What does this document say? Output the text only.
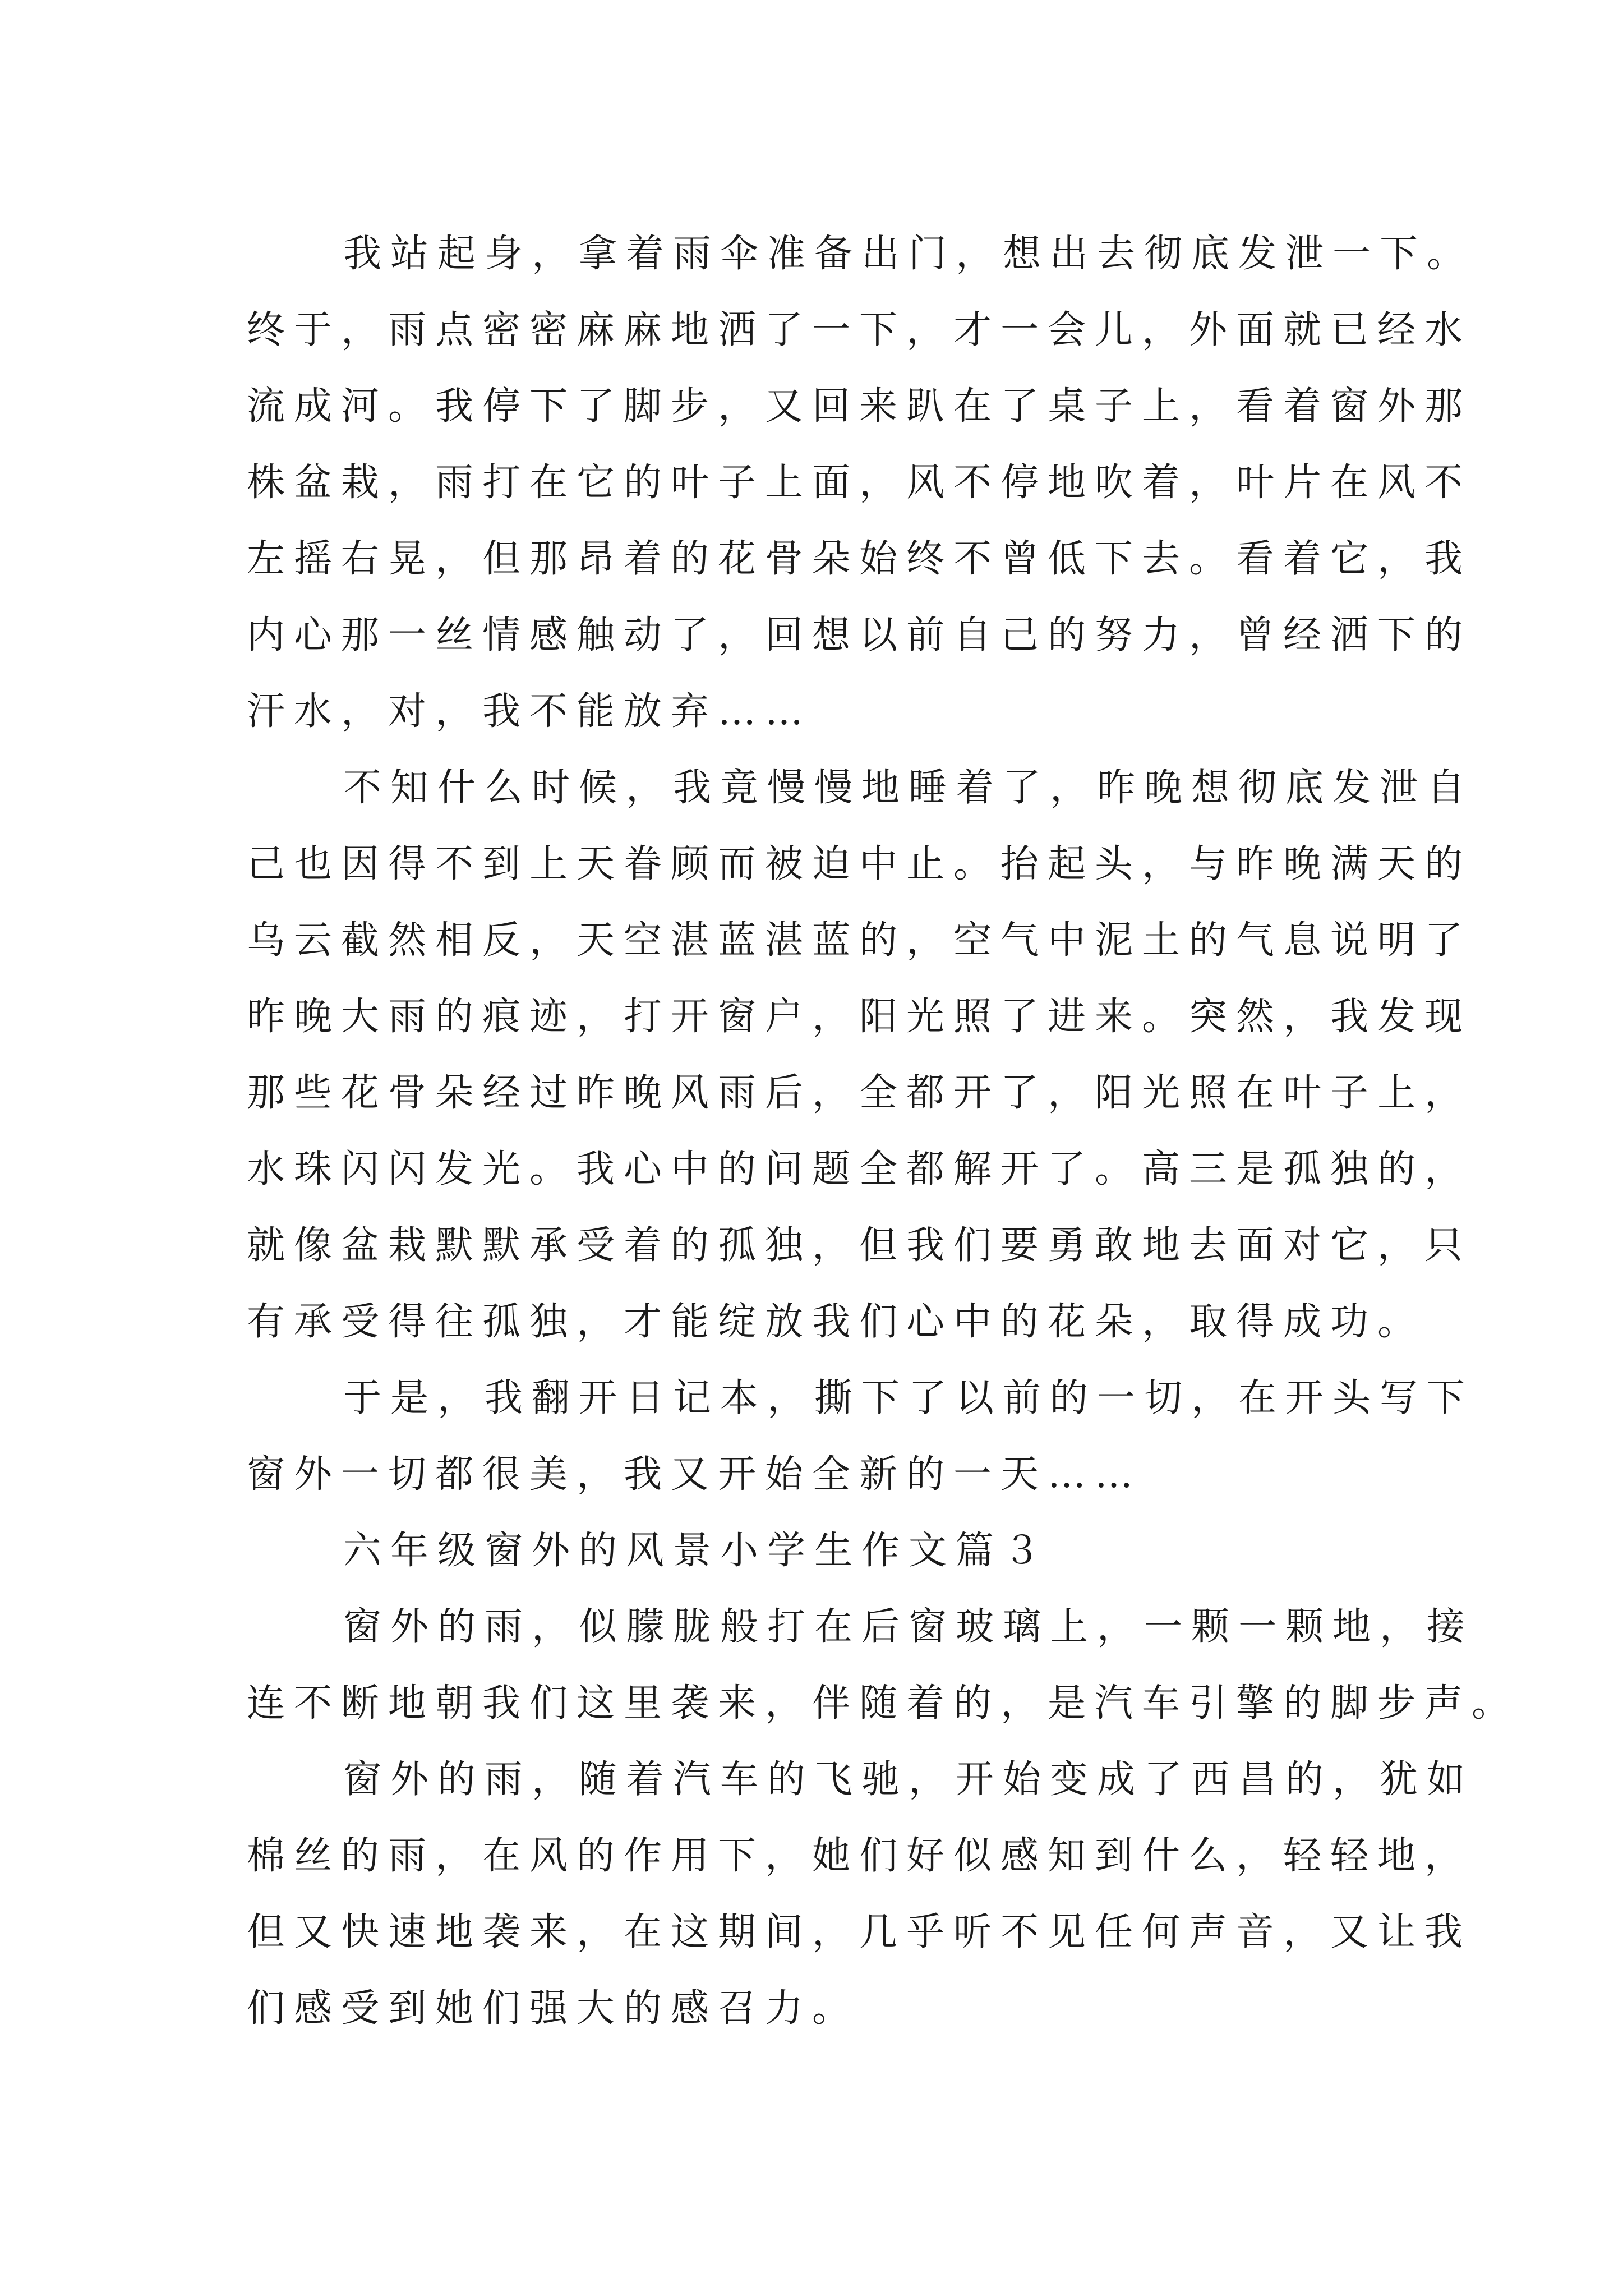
我站起身，拿着雨伞准备出门，想出去彻底发泄一下。
终于，雨点密密麻麻地洒了一下，才一会儿，外面就已经水
流成河。我停下了脚步，又回来趴在了桌子上，看着窗外那
株盆栽，雨打在它的叶子上面，风不停地吹着，叶片在风不
左摇右晃，但那昂着的花骨朵始终不曾低下去。看着它，我
内心那一丝情感触动了，回想以前自己的努力，曾经洒下的
汗水，对，我不能放弃……
不知什么时候，我竟慢慢地睡着了，昨晚想彻底发泄自
己也因得不到上天眷顾而被迫中止。抬起头，与昨晚满天的
乌云截然相反，天空湛蓝湛蓝的，空气中泥土的气息说明了
昨晚大雨的痕迹，打开窗户，阳光照了进来。突然，我发现
那些花骨朵经过昨晚风雨后，全都开了，阳光照在叶子上，
水珠闪闪发光。我心中的问题全都解开了。高三是孤独的，
就像盆栽默默承受着的孤独，但我们要勇敢地去面对它，只
有承受得往孤独，才能绽放我们心中的花朵，取得成功。
于是，我翻开日记本，撕下了以前的一切，在开头写下
窗外一切都很美，我又开始全新的一天……
六年级窗外的风景小学生作文篇３
窗外的雨，似朦胧般打在后窗玻璃上，一颗一颗地，接
连不断地朝我们这里袭来，伴随着的，是汽车引擎的脚步声。
窗外的雨，随着汽车的飞驰，开始变成了西昌的，犹如
棉丝的雨，在风的作用下，她们好似感知到什么，轻轻地，
但又快速地袭来，在这期间，几乎听不见任何声音，又让我
们感受到她们强大的感召力。
